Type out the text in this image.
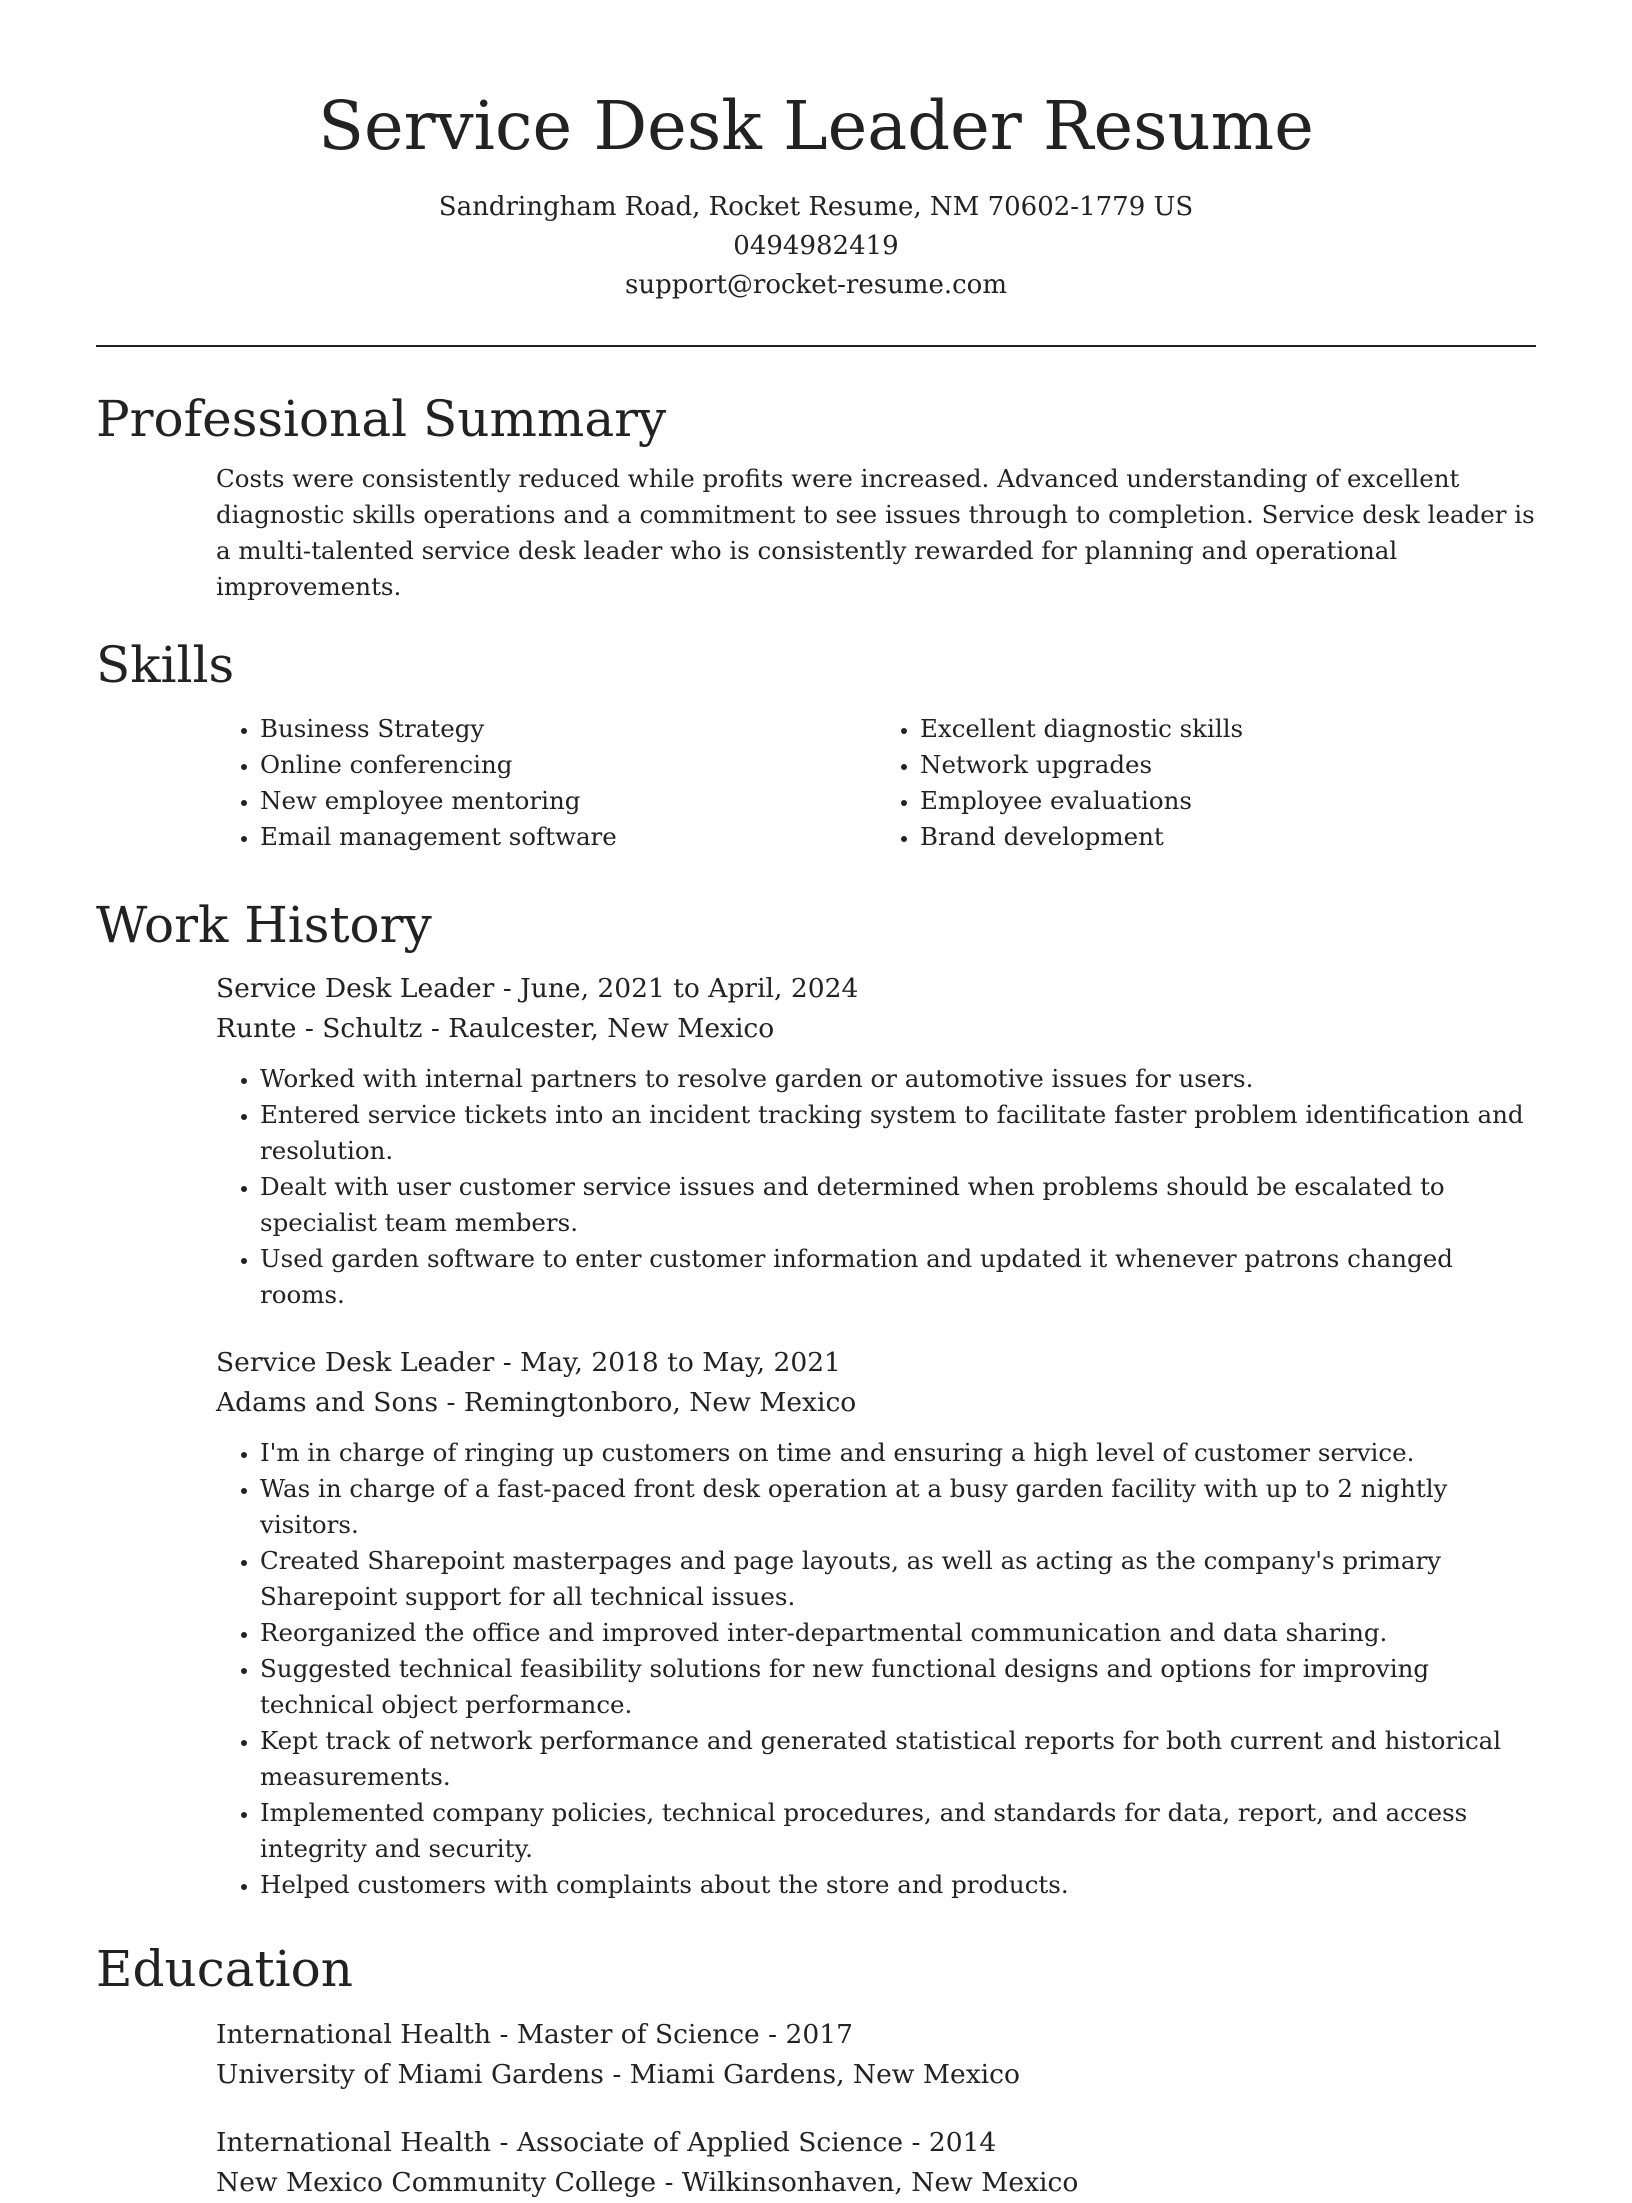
Service Desk Leader Resume
Sandringham Road, Rocket Resume, NM 70602-1779 US
0494982419
support@rocket-resume.com
Professional Summary

Costs were consistently reduced while profits were increased. Advanced understanding of excellent diagnostic skills operations and a commitment to see issues through to completion. Service desk leader is a multi-talented service desk leader who is consistently rewarded for planning and operational improvements.

Skills
• Business Strategy
• Online conferencing
• New employee mentoring
• Email management software
• Excellent diagnostic skills
• Network upgrades
• Employee evaluations
• Brand development
Work History
Service Desk Leader - June, 2021 to April, 2024
Runte - Schultz - Raulcester, New Mexico
• Worked with internal partners to resolve garden or automotive issues for users.
• Entered service tickets into an incident tracking system to facilitate faster problem identification and resolution.
• Dealt with user customer service issues and determined when problems should be escalated to specialist team members.
• Used garden software to enter customer information and updated it whenever patrons changed rooms.
Service Desk Leader - May, 2018 to May, 2021
Adams and Sons - Remingtonboro, New Mexico
• I'm in charge of ringing up customers on time and ensuring a high level of customer service.
• Was in charge of a fast-paced front desk operation at a busy garden facility with up to 2 nightly visitors.
• Created Sharepoint masterpages and page layouts, as well as acting as the company's primary Sharepoint support for all technical issues.
• Reorganized the office and improved inter-departmental communication and data sharing.
• Suggested technical feasibility solutions for new functional designs and options for improving technical object performance.
• Kept track of network performance and generated statistical reports for both current and historical measurements.
• Implemented company policies, technical procedures, and standards for data, report, and access integrity and security.
• Helped customers with complaints about the store and products.
Education
International Health - Master of Science - 2017
University of Miami Gardens - Miami Gardens, New Mexico
International Health - Associate of Applied Science - 2014
New Mexico Community College - Wilkinsonhaven, New Mexico
